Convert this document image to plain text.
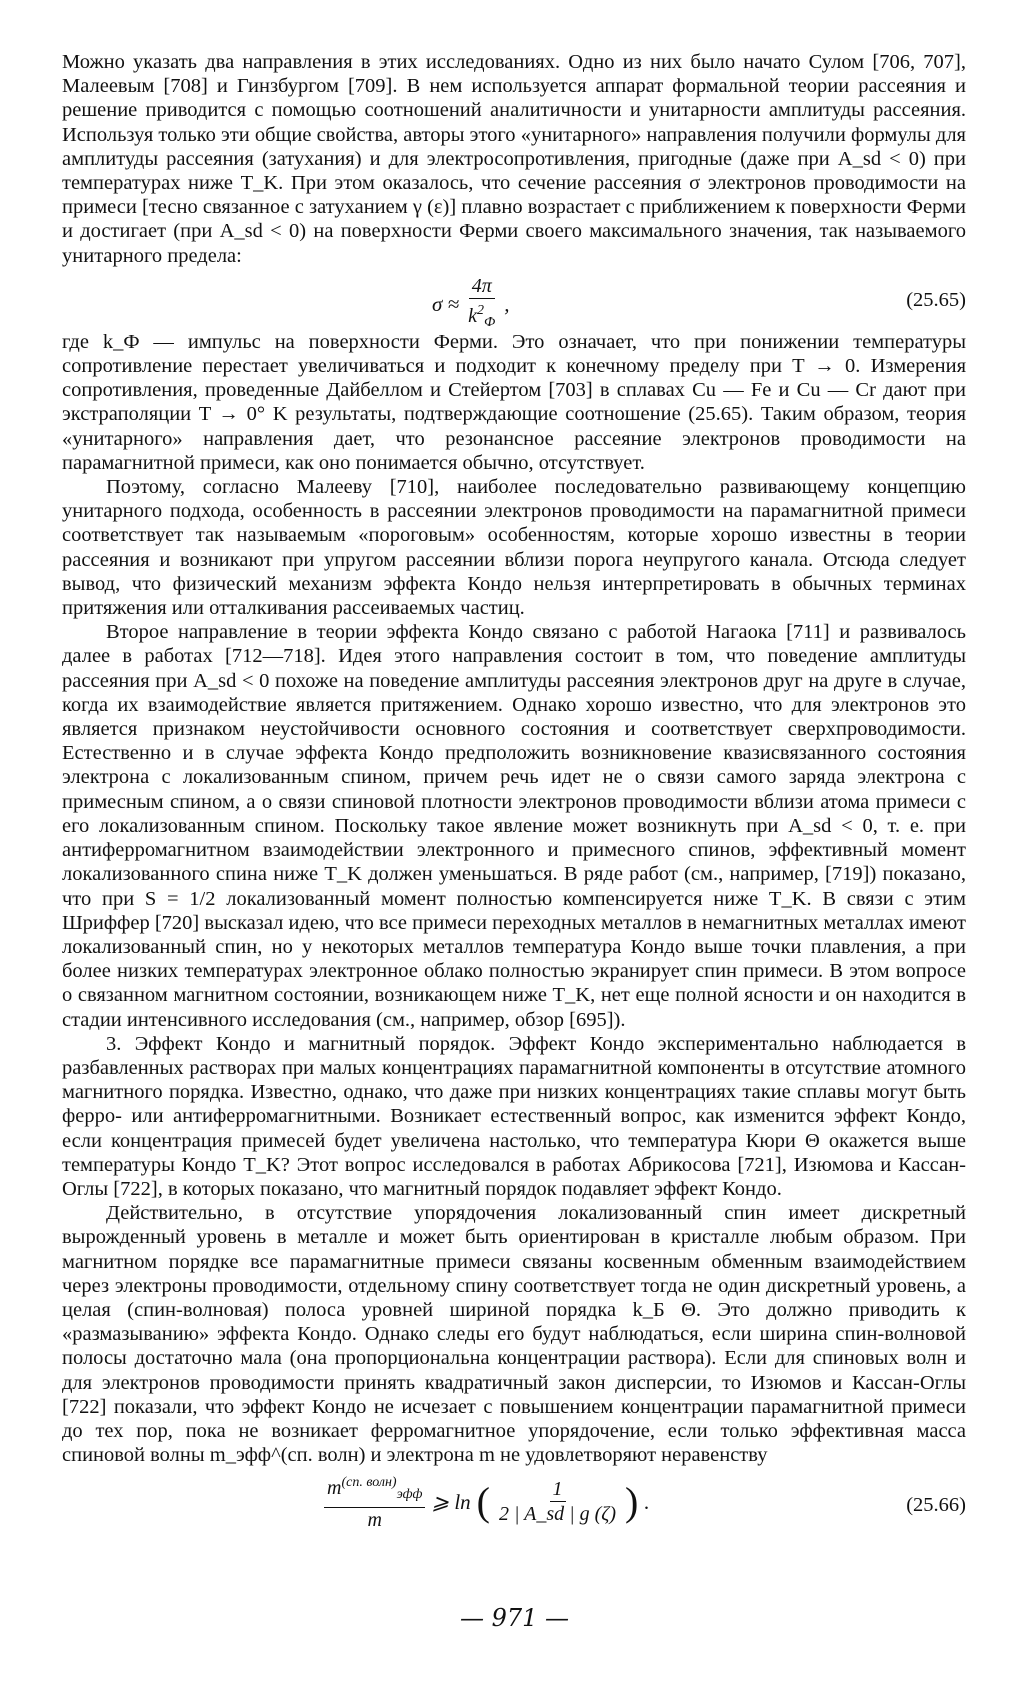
Можно указать два направления в этих исследованиях. Одно из них было начато Сулом [706, 707], Малеевым [708] и Гинзбургом [709]. В нем используется аппарат формальной теории рассеяния и решение приводится с помощью соотношений аналитичности и унитарности амплитуды рассеяния. Используя только эти общие свойства, авторы этого «унитарного» направления получили формулы для амплитуды рассеяния (затухания) и для электросопротивления, пригодные (даже при A_sd < 0) при температурах ниже T_K. При этом оказалось, что сечение рассеяния σ электронов проводимости на примеси [тесно связанное с затуханием γ (ε)] плавно возрастает с приближением к поверхности Ферми и достигает (при A_sd < 0) на поверхности Ферми своего максимального значения, так называемого унитарного предела:

$\sigma \approx \frac{4\pi}{k^2_Ф}$ ,	(25.65)

где k_Ф — импульс на поверхности Ферми. Это означает, что при понижении температуры сопротивление перестает увеличиваться и подходит к конечному пределу при T → 0. Измерения сопротивления, проведенные Дайбеллом и Стейертом [703] в сплавах Cu — Fe и Cu — Cr дают при экстраполяции T → 0° K результаты, подтверждающие соотношение (25.65). Таким образом, теория «унитарного» направления дает, что резонансное рассеяние электронов проводимости на парамагнитной примеси, как оно понимается обычно, отсутствует.

Поэтому, согласно Малееву [710], наиболее последовательно развивающему концепцию унитарного подхода, особенность в рассеянии электронов проводимости на парамагнитной примеси соответствует так называемым «пороговым» особенностям, которые хорошо известны в теории рассеяния и возникают при упругом рассеянии вблизи порога неупругого канала. Отсюда следует вывод, что физический механизм эффекта Кондо нельзя интерпретировать в обычных терминах притяжения или отталкивания рассеиваемых частиц.

Второе направление в теории эффекта Кондо связано с работой Нагаока [711] и развивалось далее в работах [712—718]. Идея этого направления состоит в том, что поведение амплитуды рассеяния при A_sd < 0 похоже на поведение амплитуды рассеяния электронов друг на друге в случае, когда их взаимодействие является притяжением. Однако хорошо известно, что для электронов это является признаком неустойчивости основного состояния и соответствует сверхпроводимости. Естественно и в случае эффекта Кондо предположить возникновение квазисвязанного состояния электрона с локализованным спином, причем речь идет не о связи самого заряда электрона с примесным спином, а о связи спиновой плотности электронов проводимости вблизи атома примеси с его локализованным спином. Поскольку такое явление может возникнуть при A_sd < 0, т. е. при антиферромагнитном взаимодействии электронного и примесного спинов, эффективный момент локализованного спина ниже T_K должен уменьшаться. В ряде работ (см., например, [719]) показано, что при S = 1/2 локализованный момент полностью компенсируется ниже T_K. В связи с этим Шриффер [720] высказал идею, что все примеси переходных металлов в немагнитных металлах имеют локализованный спин, но у некоторых металлов температура Кондо выше точки плавления, а при более низких температурах электронное облако полностью экранирует спин примеси. В этом вопросе о связанном магнитном состоянии, возникающем ниже T_K, нет еще полной ясности и он находится в стадии интенсивного исследования (см., например, обзор [695]).

3. Эффект Кондо и магнитный порядок. Эффект Кондо экспериментально наблюдается в разбавленных растворах при малых концентрациях парамагнитной компоненты в отсутствие атомного магнитного порядка. Известно, однако, что даже при низких концентрациях такие сплавы могут быть ферро- или антиферромагнитными. Возникает естественный вопрос, как изменится эффект Кондо, если концентрация примесей будет увеличена настолько, что температура Кюри Θ окажется выше температуры Кондо T_K? Этот вопрос исследовался в работах Абрикосова [721], Изюмова и Кассан-Оглы [722], в которых показано, что магнитный порядок подавляет эффект Кондо.

Действительно, в отсутствие упорядочения локализованный спин имеет дискретный вырожденный уровень в металле и может быть ориентирован в кристалле любым образом. При магнитном порядке все парамагнитные примеси связаны косвенным обменным взаимодействием через электроны проводимости, отдельному спину соответствует тогда не один дискретный уровень, а целая (спин-волновая) полоса уровней шириной порядка k_Б Θ. Это должно приводить к «размазыванию» эффекта Кондо. Однако следы его будут наблюдаться, если ширина спин-волновой полосы достаточно мала (она пропорциональна концентрации раствора). Если для спиновых волн и для электронов проводимости принять квадратичный закон дисперсии, то Изюмов и Кассан-Оглы [722] показали, что эффект Кондо не исчезает с повышением концентрации парамагнитной примеси до тех пор, пока не возникает ферромагнитное упорядочение, если только эффективная масса спиновой волны m_эфф^(сп. волн) и электрона m не удовлетворяют неравенству

$\frac{m^{(сп. волн)}_{эфф}}{m}$ ⩾ ln ( $\frac{1}{2 | A\_sd | g (\zeta)}$ ) .	(25.66)
— 971 —
